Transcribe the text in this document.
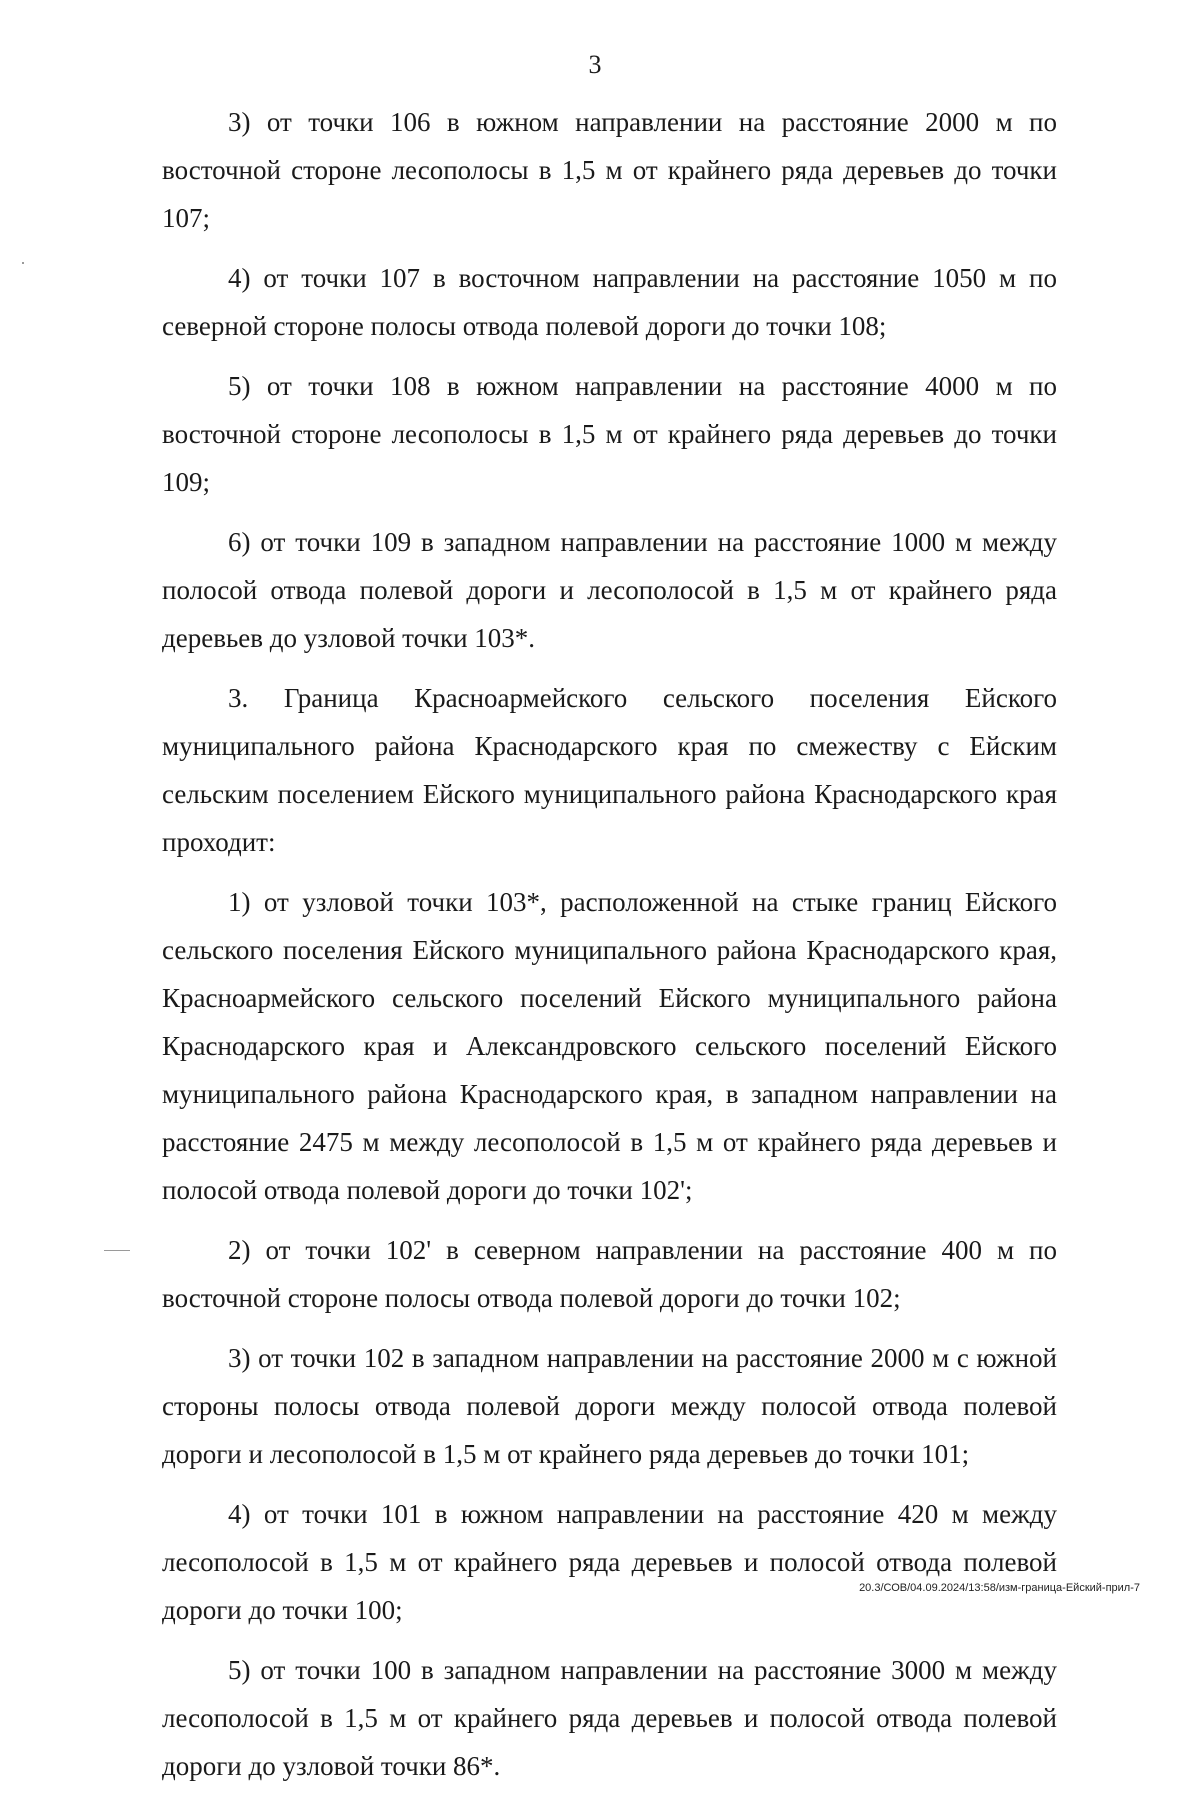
3

3) от точки 106 в южном направлении на расстояние 2000 м по восточной стороне лесополосы в 1,5 м от крайнего ряда деревьев до точки 107;

4) от точки 107 в восточном направлении на расстояние 1050 м по северной стороне полосы отвода полевой дороги до точки 108;

5) от точки 108 в южном направлении на расстояние 4000 м по восточной стороне лесополосы в 1,5 м от крайнего ряда деревьев до точки 109;

6) от точки 109 в западном направлении на расстояние 1000 м между полосой отвода полевой дороги и лесополосой в 1,5 м от крайнего ряда деревьев до узловой точки 103*.

3. Граница Красноармейского сельского поселения Ейского муниципального района Краснодарского края по смежеству с Ейским сельским поселением Ейского муниципального района Краснодарского края проходит:

1) от узловой точки 103*, расположенной на стыке границ Ейского сельского поселения Ейского муниципального района Краснодарского края, Красноармейского сельского поселений Ейского муниципального района Краснодарского края и Александровского сельского поселений Ейского муниципального района Краснодарского края, в западном направлении на расстояние 2475 м между лесополосой в 1,5 м от крайнего ряда деревьев и полосой отвода полевой дороги до точки 102';

2) от точки 102' в северном направлении на расстояние 400 м по восточной стороне полосы отвода полевой дороги до точки 102;

3) от точки 102 в западном направлении на расстояние 2000 м с южной стороны полосы отвода полевой дороги между полосой отвода полевой дороги и лесополосой в 1,5 м от крайнего ряда деревьев до точки 101;

4) от точки 101 в южном направлении на расстояние 420 м между лесополосой в 1,5 м от крайнего ряда деревьев и полосой отвода полевой дороги до точки 100;

5) от точки 100 в западном направлении на расстояние 3000 м между лесополосой в 1,5 м от крайнего ряда деревьев и полосой отвода полевой дороги до узловой точки 86*.

20.3/СОВ/04.09.2024/13:58/изм-граница-Ейский-прил-7
